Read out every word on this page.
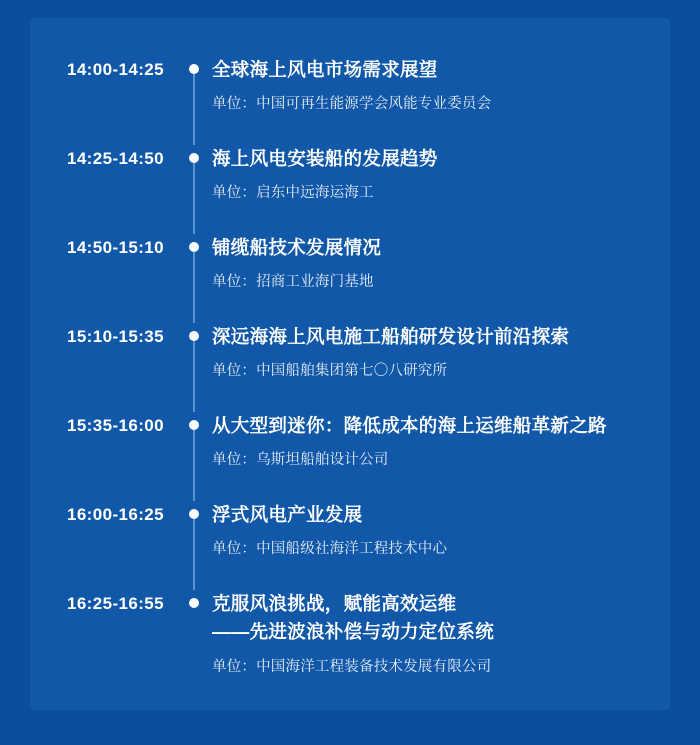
14:00-14:25	全球海上风电市场需求展望
单位：中国可再生能源学会风能专业委员会
14:25-14:50	海上风电安装船的发展趋势
单位：启东中远海运海工
14:50-15:10	铺缆船技术发展情况
单位：招商工业海门基地
15:10-15:35	深远海海上风电施工船舶研发设计前沿探索
单位：中国船舶集团第七〇八研究所
15:35-16:00	从大型到迷你：降低成本的海上运维船革新之路
单位：乌斯坦船舶设计公司
16:00-16:25	浮式风电产业发展
单位：中国船级社海洋工程技术中心
16:25-16:55	克服风浪挑战，赋能高效运维
——先进波浪补偿与动力定位系统
单位：中国海洋工程装备技术发展有限公司
